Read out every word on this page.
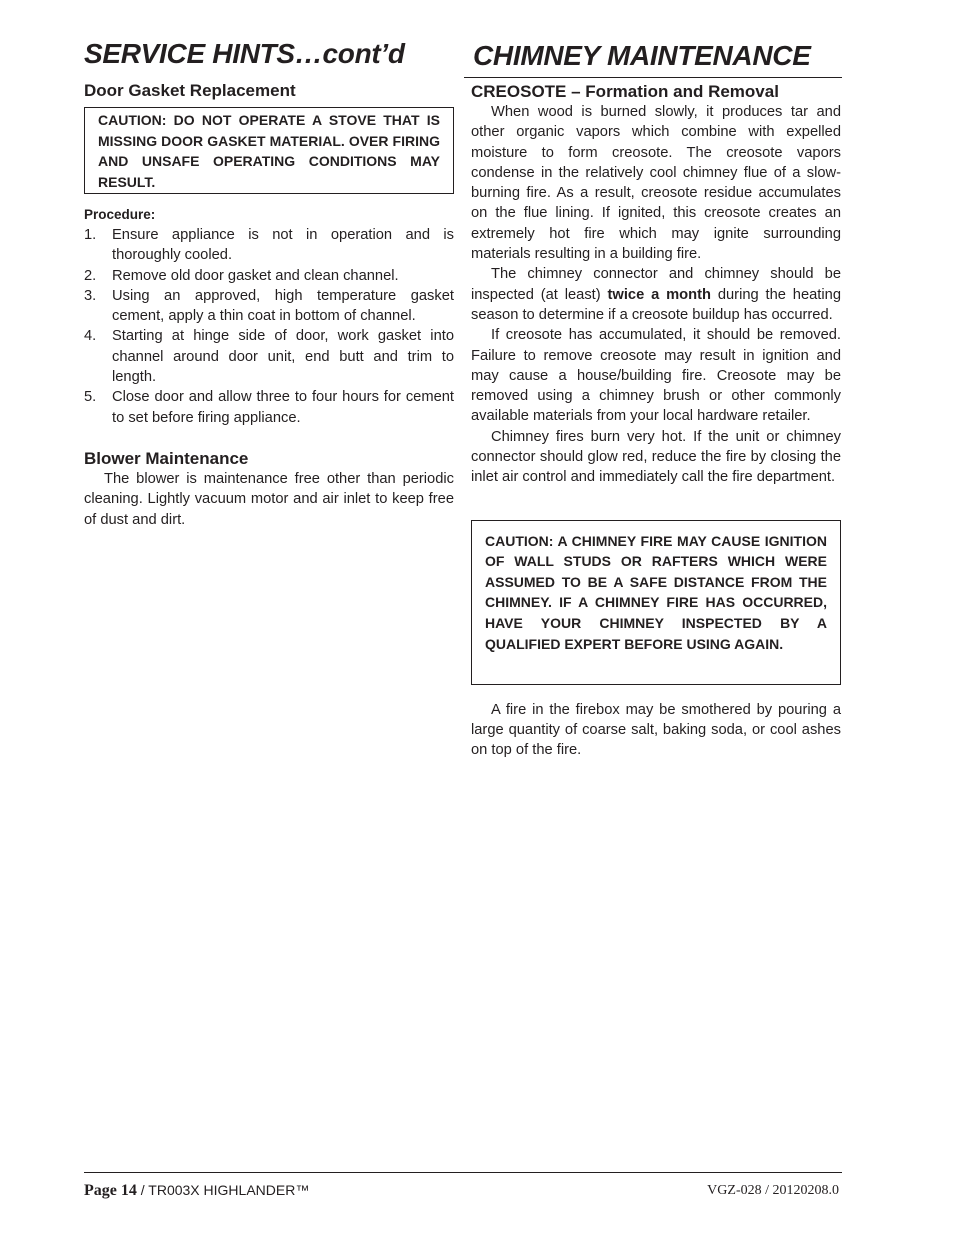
SERVICE HINTS…cont’d
Door Gasket Replacement
CAUTION: DO NOT OPERATE A STOVE THAT IS MISSING DOOR GASKET MATERIAL. OVER FIRING AND UNSAFE OPERATING CONDITIONS MAY RESULT.
Procedure:
1.	Ensure appliance is not in operation and is thoroughly cooled.
2.	Remove old door gasket and clean channel.
3.	Using an approved, high temperature gasket cement, apply a thin coat in bottom of channel.
4.	Starting at hinge side of door, work gasket into channel around door unit, end butt and trim to length.
5.	Close door and allow three to four hours for cement to set before firing appliance.
Blower Maintenance

The blower is maintenance free other than periodic cleaning. Lightly vacuum motor and air inlet to keep free of dust and dirt.

CHIMNEY MAINTENANCE
CREOSOTE – Formation and Removal

When wood is burned slowly, it produces tar and other organic vapors which combine with expelled moisture to form creosote. The creosote vapors condense in the relatively cool chimney flue of a slow-burning fire. As a result, creosote residue accumulates on the flue lining. If ignited, this creosote creates an extremely hot fire which may ignite surrounding materials resulting in a building fire.

The chimney connector and chimney should be inspected (at least) twice a month during the heating season to determine if a creosote buildup has occurred.

If creosote has accumulated, it should be removed. Failure to remove creosote may result in ignition and may cause a house/building fire. Creosote may be removed using a chimney brush or other commonly available materials from your local hardware retailer.

Chimney fires burn very hot. If the unit or chimney connector should glow red, reduce the fire by closing the inlet air control and immediately call the fire department.

CAUTION: A CHIMNEY FIRE MAY CAUSE IGNITION OF WALL STUDS OR RAFTERS WHICH WERE ASSUMED TO BE A SAFE DISTANCE FROM THE CHIMNEY. IF A CHIMNEY FIRE HAS OCCURRED, HAVE YOUR CHIMNEY INSPECTED BY A QUALIFIED EXPERT BEFORE USING AGAIN.

A fire in the firebox may be smothered by pouring a large quantity of coarse salt, baking soda, or cool ashes on top of the fire.

Page 14 / TR003X HIGHLANDER™	VGZ-028 / 20120208.0
